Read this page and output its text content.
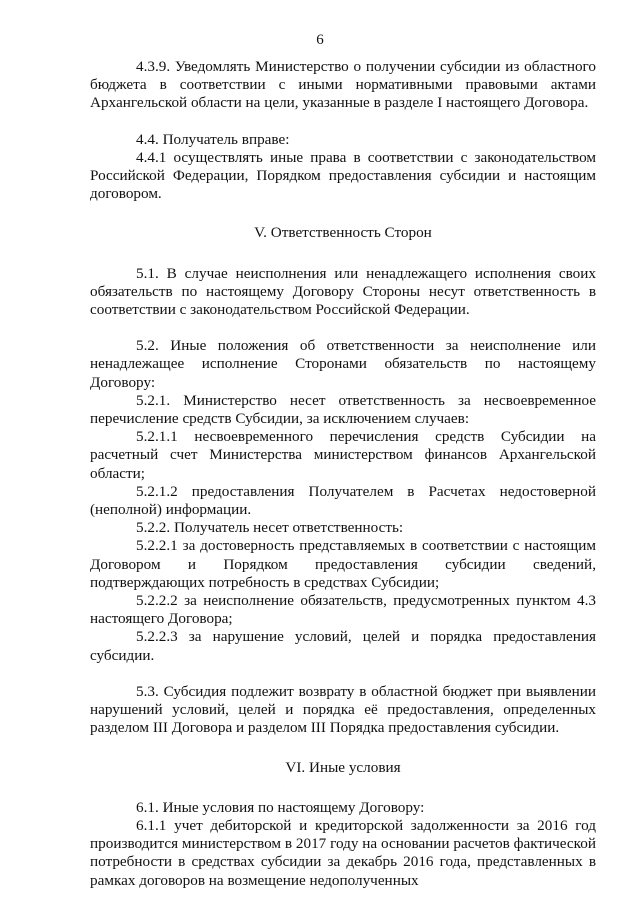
6

4.3.9. Уведомлять Министерство о получении субсидии из областного бюджета в соответствии с иными нормативными правовыми актами Архангельской области на цели, указанные в разделе I настоящего Договора.

4.4. Получатель вправе:

4.4.1 осуществлять иные права в соответствии с законодательством Российской Федерации, Порядком предоставления субсидии и настоящим договором.

V. Ответственность Сторон

5.1. В случае неисполнения или ненадлежащего исполнения своих обязательств по настоящему Договору Стороны несут ответственность в соответствии с законодательством Российской Федерации.

5.2. Иные положения об ответственности за неисполнение или ненадлежащее исполнение Сторонами обязательств по настоящему Договору:

5.2.1. Министерство несет ответственность за несвоевременное перечисление средств Субсидии, за исключением случаев:

5.2.1.1 несвоевременного перечисления средств Субсидии на расчетный счет Министерства министерством финансов Архангельской области;

5.2.1.2 предоставления Получателем в Расчетах недостоверной (неполной) информации.

5.2.2. Получатель несет ответственность:

5.2.2.1 за достоверность представляемых в соответствии с настоящим Договором и Порядком предоставления субсидии сведений, подтверждающих потребность в средствах Субсидии;

5.2.2.2 за неисполнение обязательств, предусмотренных пунктом 4.3 настоящего Договора;

5.2.2.3 за нарушение условий, целей и порядка предоставления субсидии.

5.3. Субсидия подлежит возврату в областной бюджет при выявлении нарушений условий, целей и порядка её предоставления, определенных разделом III Договора и разделом III Порядка предоставления субсидии.

VI. Иные условия

6.1. Иные условия по настоящему Договору:

6.1.1 учет дебиторской и кредиторской задолженности за 2016 год производится министерством в 2017 году на основании расчетов фактической потребности в средствах субсидии за декабрь 2016 года, представленных в рамках договоров на возмещение недополученных
